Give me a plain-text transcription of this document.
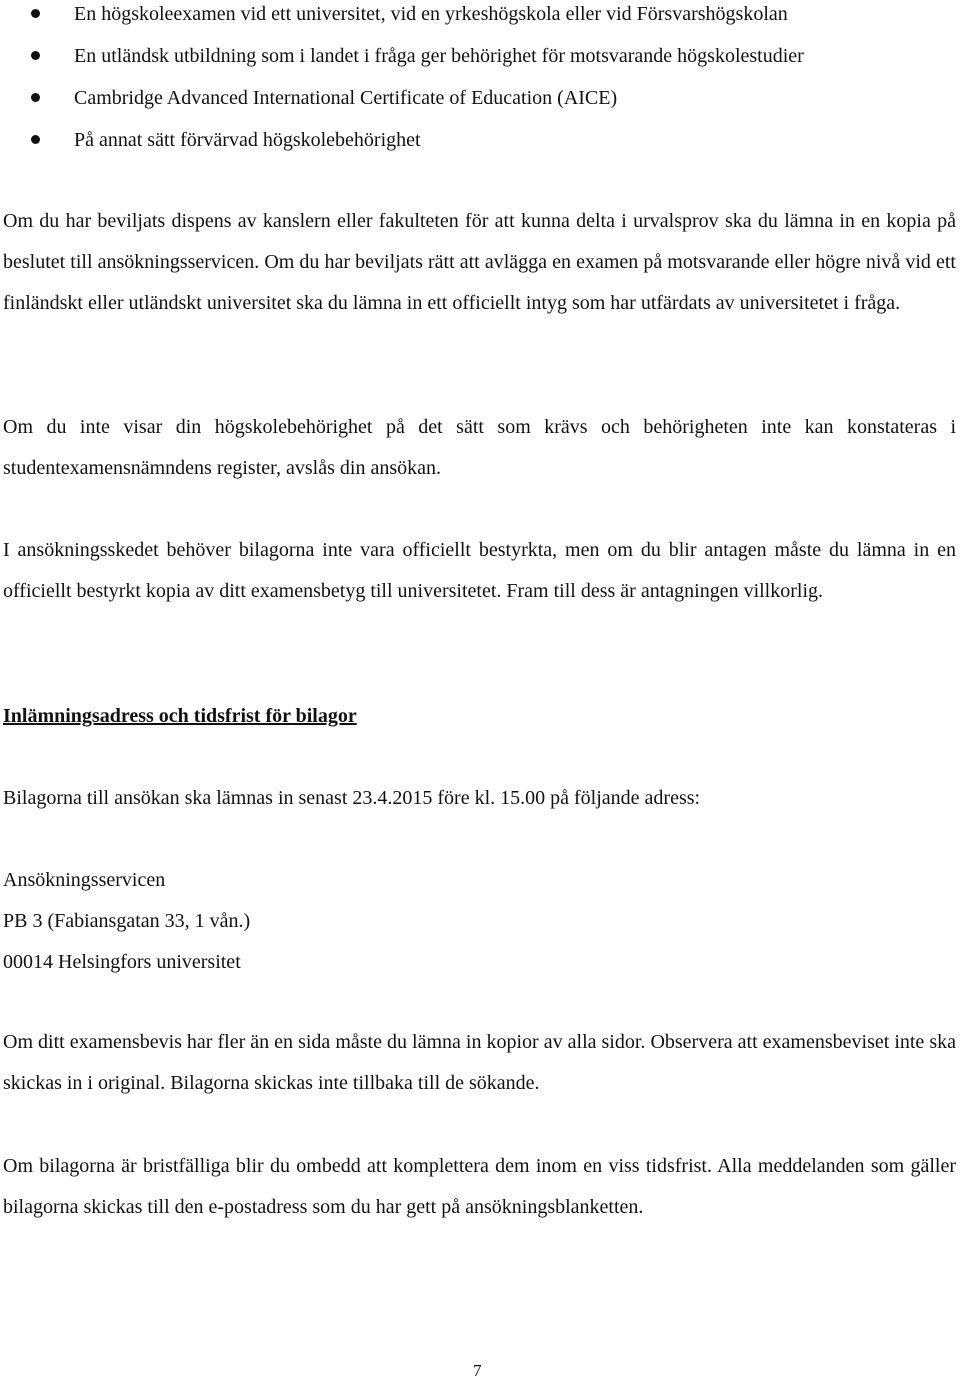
En högskoleexamen vid ett universitet, vid en yrkeshögskola eller vid Försvarshögskolan
En utländsk utbildning som i landet i fråga ger behörighet för motsvarande högskolestudier
Cambridge Advanced International Certificate of Education (AICE)
På annat sätt förvärvad högskolebehörighet

Om du har beviljats dispens av kanslern eller fakulteten för att kunna delta i urvalsprov ska du lämna in en kopia på beslutet till ansökningsservicen. Om du har beviljats rätt att avlägga en examen på motsvarande eller högre nivå vid ett finländskt eller utländskt universitet ska du lämna in ett officiellt intyg som har utfärdats av universitetet i fråga.

Om du inte visar din högskolebehörighet på det sätt som krävs och behörigheten inte kan konstateras i studentexamensnämndens register, avslås din ansökan.

I ansökningsskedet behöver bilagorna inte vara officiellt bestyrkta, men om du blir antagen måste du lämna in en officiellt bestyrkt kopia av ditt examensbetyg till universitetet. Fram till dess är antagningen villkorlig.

Inlämningsadress och tidsfrist för bilagor

Bilagorna till ansökan ska lämnas in senast 23.4.2015 före kl. 15.00 på följande adress:

Ansökningsservicen

PB 3 (Fabiansgatan 33, 1 vån.)

00014 Helsingfors universitet

Om ditt examensbevis har fler än en sida måste du lämna in kopior av alla sidor. Observera att examensbeviset inte ska skickas in i original. Bilagorna skickas inte tillbaka till de sökande.

Om bilagorna är bristfälliga blir du ombedd att komplettera dem inom en viss tidsfrist. Alla meddelanden som gäller bilagorna skickas till den e-postadress som du har gett på ansökningsblanketten.

7
